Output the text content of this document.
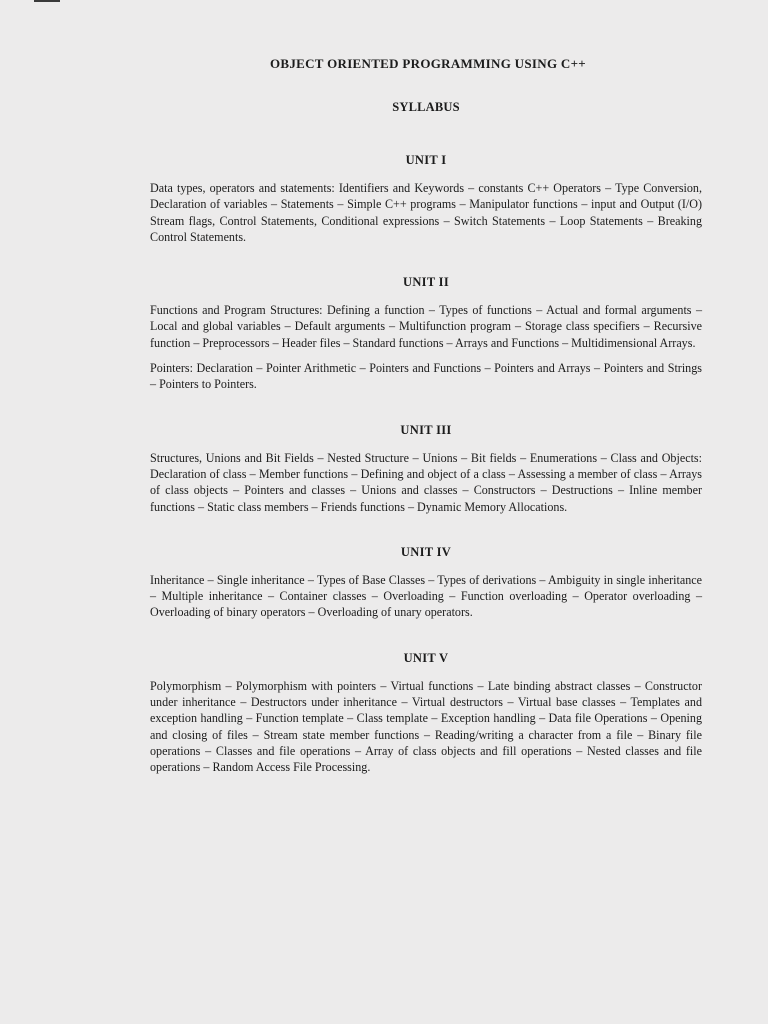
OBJECT ORIENTED PROGRAMMING USING C++
SYLLABUS
UNIT I

Data types, operators and statements: Identifiers and Keywords – constants C++ Operators – Type Conversion, Declaration of variables – Statements – Simple C++ programs – Manipulator functions – input and Output (I/O) Stream flags, Control Statements, Conditional expressions – Switch Statements – Loop Statements – Breaking Control Statements.

UNIT II

Functions and Program Structures: Defining a function – Types of functions – Actual and formal arguments – Local and global variables – Default arguments – Multifunction program – Storage class specifiers – Recursive function – Preprocessors – Header files – Standard functions – Arrays and Functions – Multidimensional Arrays.

Pointers: Declaration – Pointer Arithmetic – Pointers and Functions – Pointers and Arrays – Pointers and Strings – Pointers to Pointers.

UNIT III

Structures, Unions and Bit Fields – Nested Structure – Unions – Bit fields – Enumerations – Class and Objects: Declaration of class – Member functions – Defining and object of a class – Assessing a member of class – Arrays of class objects – Pointers and classes – Unions and classes – Constructors – Destructions – Inline member functions – Static class members – Friends functions – Dynamic Memory Allocations.

UNIT IV

Inheritance – Single inheritance – Types of Base Classes – Types of derivations – Ambiguity in single inheritance – Multiple inheritance – Container classes – Overloading – Function overloading – Operator overloading – Overloading of binary operators – Overloading of unary operators.

UNIT V

Polymorphism – Polymorphism with pointers – Virtual functions – Late binding abstract classes – Constructor under inheritance – Destructors under inheritance – Virtual destructors – Virtual base classes – Templates and exception handling – Function template – Class template – Exception handling – Data file Operations – Opening and closing of files – Stream state member functions – Reading/writing a character from a file – Binary file operations – Classes and file operations – Array of class objects and fill operations – Nested classes and file operations – Random Access File Processing.
